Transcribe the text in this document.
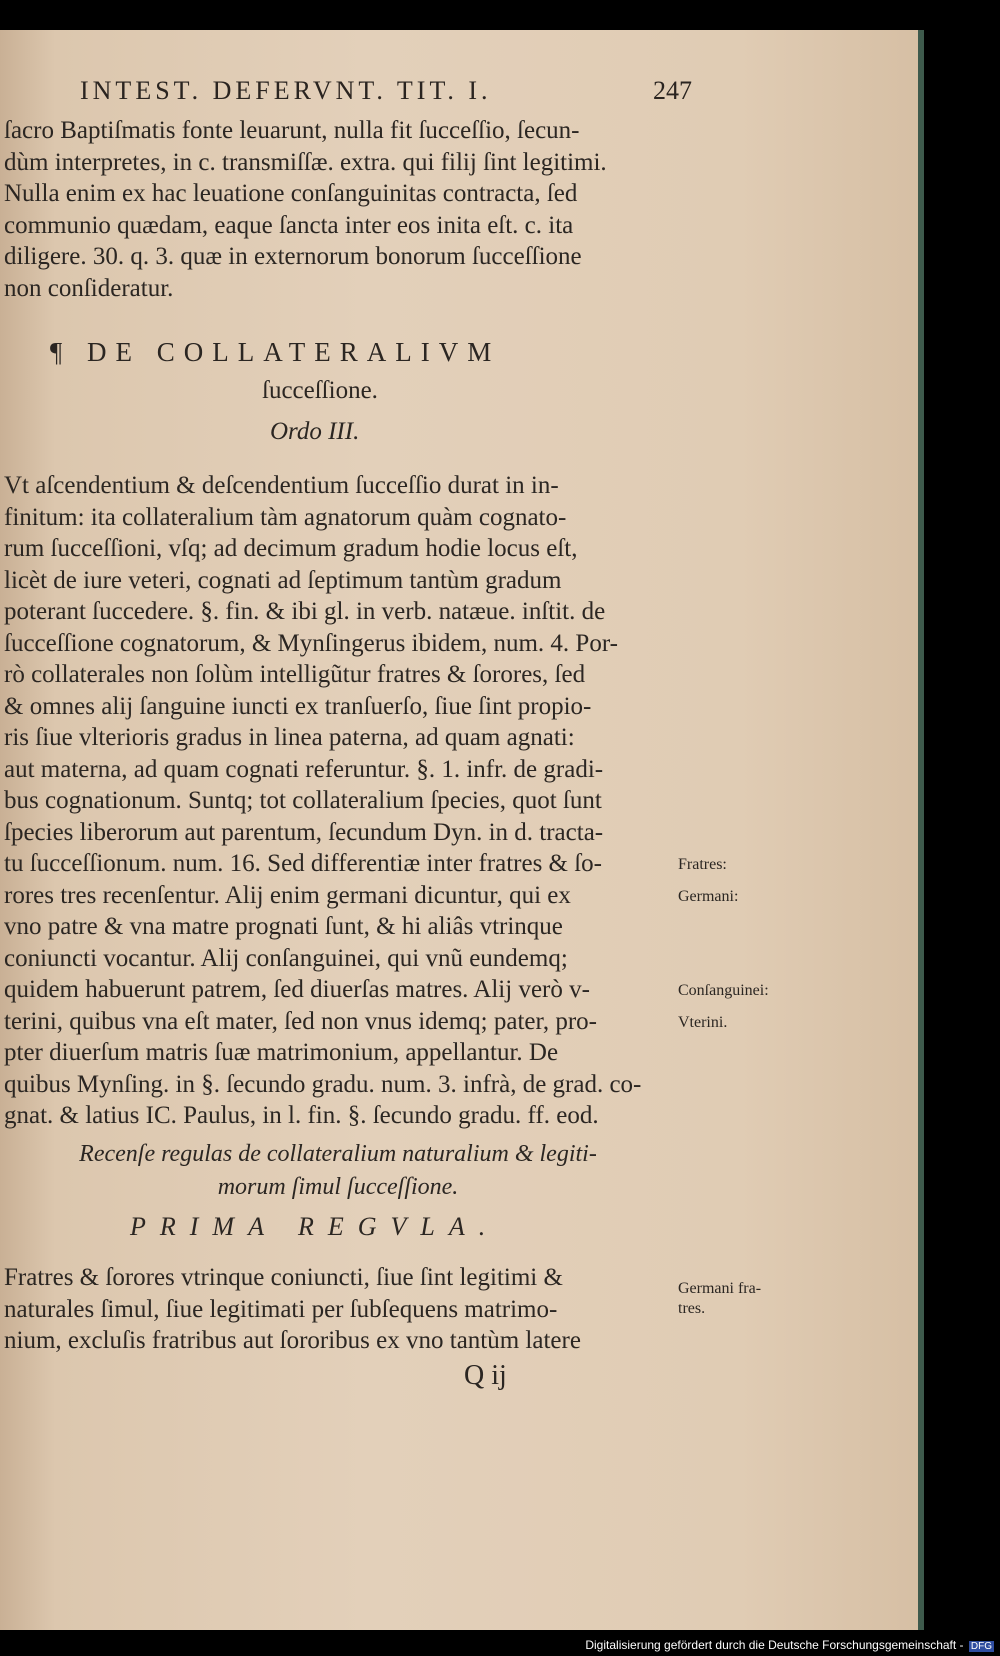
INTEST. DEFERVNT. TIT. I.	247

ſacro Baptiſmatis fonte leuarunt, nulla fit ſucceſſio, ſecun-
dùm interpretes, in c. transmiſſæ. extra. qui filij ſint legitimi.
Nulla enim ex hac leuatione conſanguinitas contracta, ſed
communio quædam, eaque ſancta inter eos inita eſt. c. ita
diligere. 30. q. 3. quæ in externorum bonorum ſucceſſione
non conſideratur.

¶ DE COLLATERALIVM
ſucceſſione.
Ordo III.

Vt aſcendentium & deſcendentium ſucceſſio durat in in-
finitum: ita collateralium tàm agnatorum quàm cognato-
rum ſucceſſioni, vſq; ad decimum gradum hodie locus eſt,
licèt de iure veteri, cognati ad ſeptimum tantùm gradum
poterant ſuccedere. §. fin. & ibi gl. in verb. natæue. inſtit. de
ſucceſſione cognatorum, & Mynſingerus ibidem, num. 4. Por-
rò collaterales non ſolùm intelligũtur fratres & ſorores, ſed
& omnes alij ſanguine iuncti ex tranſuerſo, ſiue ſint propio-
ris ſiue vlterioris gradus in linea paterna, ad quam agnati:
aut materna, ad quam cognati referuntur. §. 1. infr. de gradi-
bus cognationum. Suntq; tot collateralium ſpecies, quot ſunt
ſpecies liberorum aut parentum, ſecundum Dyn. in d. tracta-
tu ſucceſſionum. num. 16. Sed differentiæ inter fratres & ſo-
rores tres recenſentur. Alij enim germani dicuntur, qui ex
vno patre & vna matre prognati ſunt, & hi aliâs vtrinque
coniuncti vocantur. Alij conſanguinei, qui vnũ eundemq;
quidem habuerunt patrem, ſed diuerſas matres. Alij verò v-
terini, quibus vna eſt mater, ſed non vnus idemq; pater, pro-
pter diuerſum matris ſuæ matrimonium, appellantur. De
quibus Mynſing. in §. ſecundo gradu. num. 3. infrà, de grad. co-
gnat. & latius IC. Paulus, in l. fin. §. ſecundo gradu. ff. eod.

Recenſe regulas de collateralium naturalium & legiti-
morum ſimul ſucceſſione.

PRIMA REGVLA.

Fratres & ſorores vtrinque coniuncti, ſiue ſint legitimi &
naturales ſimul, ſiue legitimati per ſubſequens matrimo-
nium, excluſis fratribus aut ſororibus ex vno tantùm latere

Q ij
Fratres:
Germani:
Conſanguinei:
Vterini.
Germani fra-
tres.
Digitalisierung gefördert durch die Deutsche Forschungsgemeinschaft - DFG
